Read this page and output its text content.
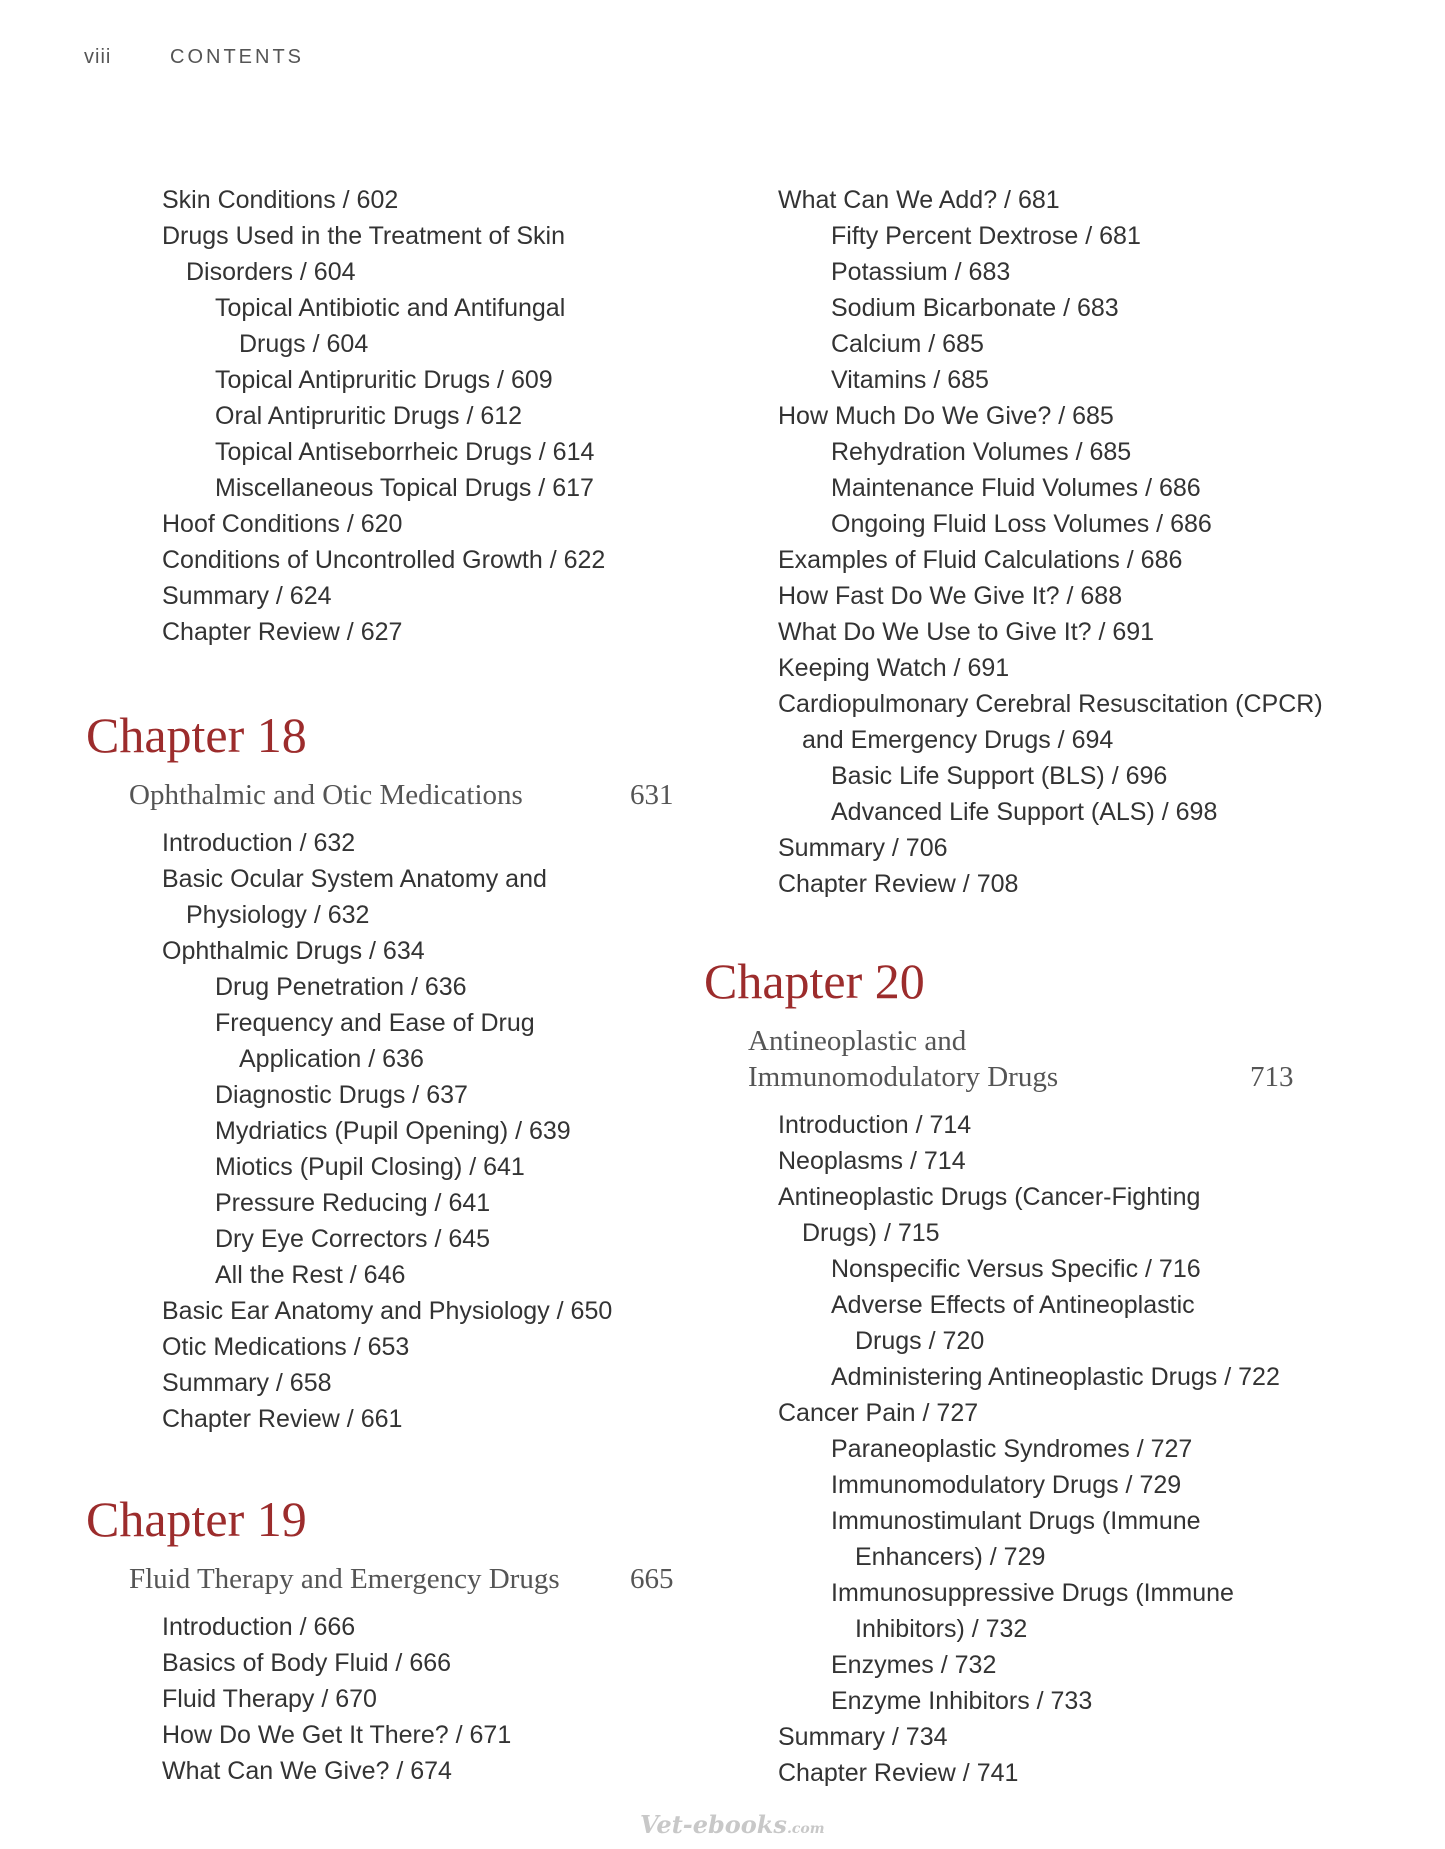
viii	CONTENTS
Skin Conditions / 602
Drugs Used in the Treatment of Skin
Disorders / 604
Topical Antibiotic and Antifungal
Drugs / 604
Topical Antipruritic Drugs / 609
Oral Antipruritic Drugs / 612
Topical Antiseborrheic Drugs / 614
Miscellaneous Topical Drugs / 617
Hoof Conditions / 620
Conditions of Uncontrolled Growth / 622
Summary / 624
Chapter Review / 627
Chapter 18
Ophthalmic and Otic Medications	631
Introduction / 632
Basic Ocular System Anatomy and
Physiology / 632
Ophthalmic Drugs / 634
Drug Penetration / 636
Frequency and Ease of Drug
Application / 636
Diagnostic Drugs / 637
Mydriatics (Pupil Opening) / 639
Miotics (Pupil Closing) / 641
Pressure Reducing / 641
Dry Eye Correctors / 645
All the Rest / 646
Basic Ear Anatomy and Physiology / 650
Otic Medications / 653
Summary / 658
Chapter Review / 661
Chapter 19
Fluid Therapy and Emergency Drugs 665
Introduction / 666
Basics of Body Fluid / 666
Fluid Therapy / 670
How Do We Get It There? / 671
What Can We Give? / 674
What Can We Add? / 681
Fifty Percent Dextrose / 681
Potassium / 683
Sodium Bicarbonate / 683
Calcium / 685
Vitamins / 685
How Much Do We Give? / 685
Rehydration Volumes / 685
Maintenance Fluid Volumes / 686
Ongoing Fluid Loss Volumes / 686
Examples of Fluid Calculations / 686
How Fast Do We Give It? / 688
What Do We Use to Give It? / 691
Keeping Watch / 691
Cardiopulmonary Cerebral Resuscitation (CPCR)
and Emergency Drugs / 694
Basic Life Support (BLS) / 696
Advanced Life Support (ALS) / 698
Summary / 706
Chapter Review / 708
Chapter 20
Antineoplastic and
Immunomodulatory Drugs	713
Introduction / 714
Neoplasms / 714
Antineoplastic Drugs (Cancer-Fighting
Drugs) / 715
Nonspecific Versus Specific / 716
Adverse Effects of Antineoplastic
Drugs / 720
Administering Antineoplastic Drugs / 722
Cancer Pain / 727
Paraneoplastic Syndromes / 727
Immunomodulatory Drugs / 729
Immunostimulant Drugs (Immune
Enhancers) / 729
Immunosuppressive Drugs (Immune
Inhibitors) / 732
Enzymes / 732
Enzyme Inhibitors / 733
Summary / 734
Chapter Review / 741
Vet-ebooks.com
